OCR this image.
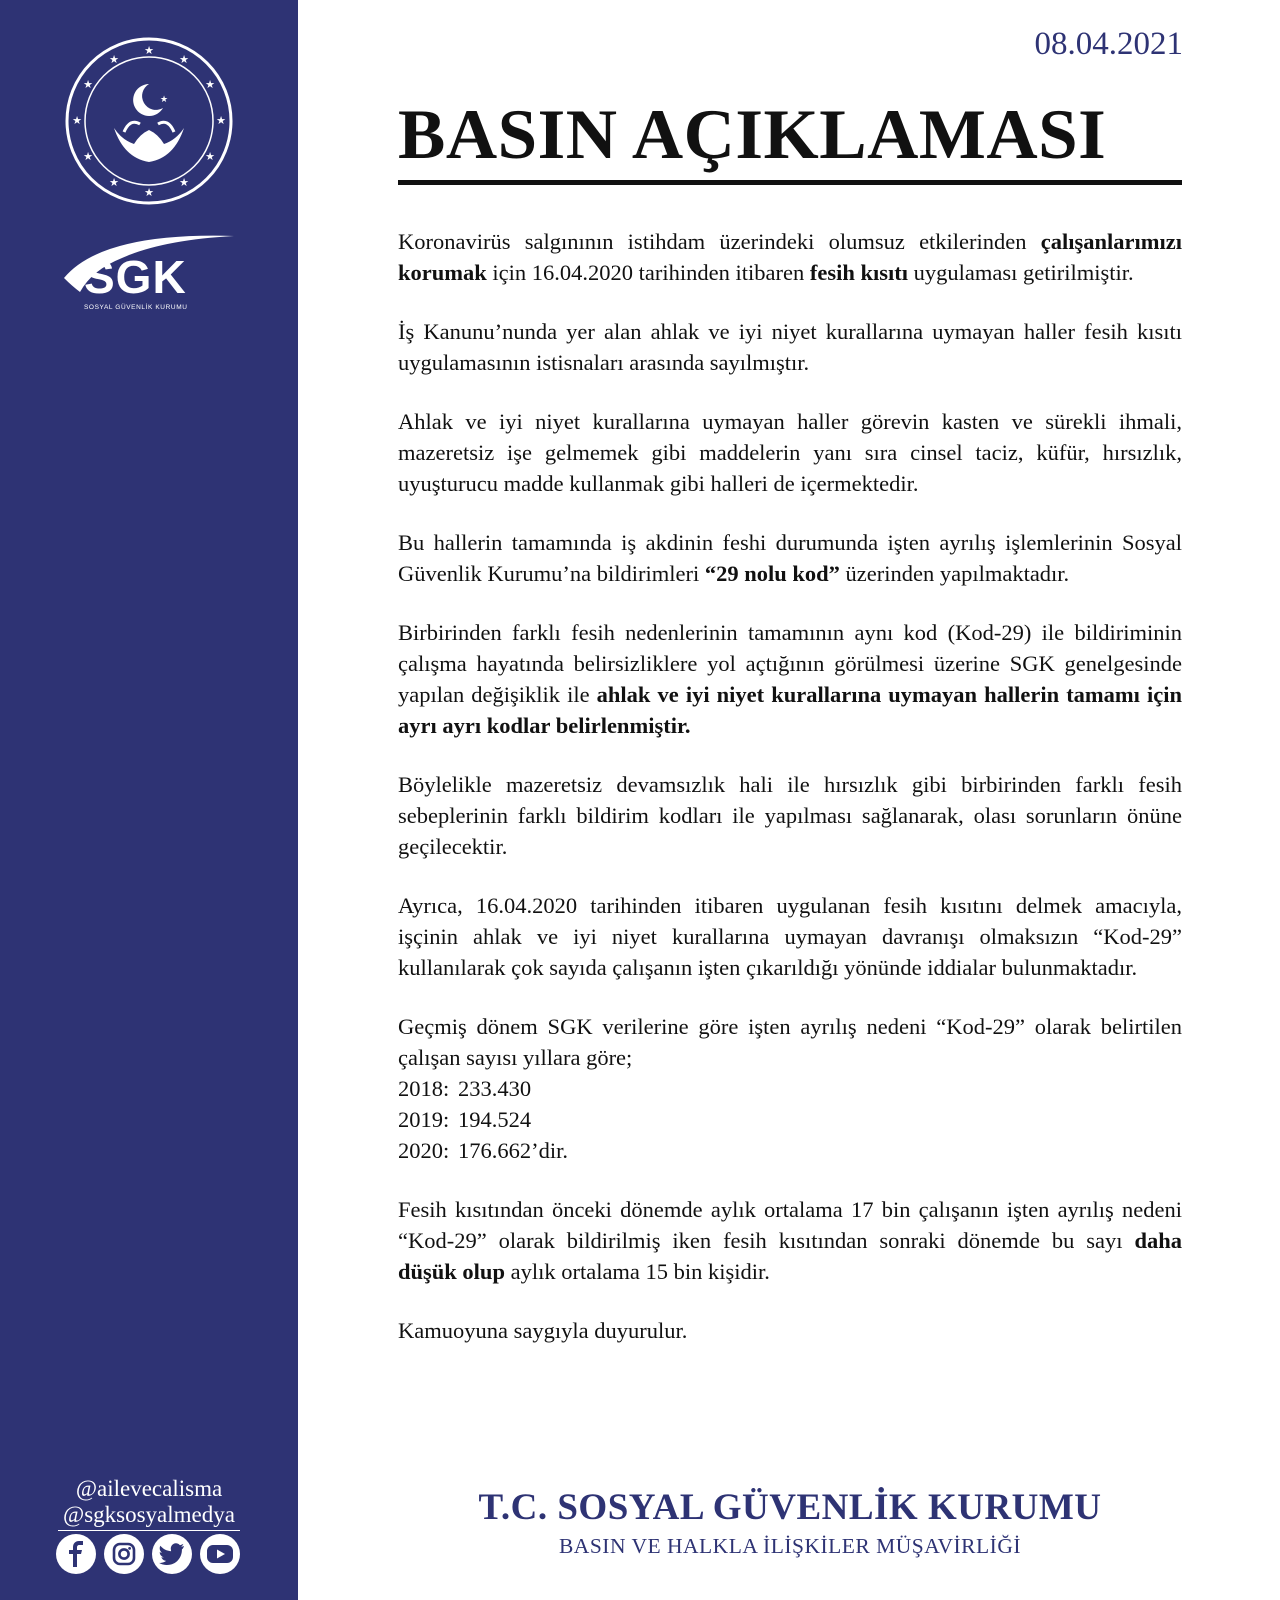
★
★
★
★
★
★
★
★
★
★
★
★
★
SGK
SOSYAL GÜVENLİK KURUMU
@ailevecalisma
@sgksosyalmedya
08.04.2021
BASIN AÇIKLAMASI

Koronavirüs salgınının istihdam üzerindeki olumsuz etkilerinden çalışanlarımızı korumak için 16.04.2020 tarihinden itibaren fesih kısıtı uygulaması getirilmiştir.

İş Kanunu’nunda yer alan ahlak ve iyi niyet kurallarına uymayan haller fesih kısıtı uygulamasının istisnaları arasında sayılmıştır.

Ahlak ve iyi niyet kurallarına uymayan haller görevin kasten ve sürekli ihmali, mazeretsiz işe gelmemek gibi maddelerin yanı sıra cinsel taciz, küfür, hırsızlık, uyuşturucu madde kullanmak gibi halleri de içermektedir.

Bu hallerin tamamında iş akdinin feshi durumunda işten ayrılış işlemlerinin Sosyal Güvenlik Kurumu’na bildirimleri “29 nolu kod” üzerinden yapılmaktadır.

Birbirinden farklı fesih nedenlerinin tamamının aynı kod (Kod-29) ile bildiriminin çalışma hayatında belirsizliklere yol açtığının görülmesi üzerine SGK genelgesinde yapılan değişiklik ile ahlak ve iyi niyet kurallarına uymayan hallerin tamamı için ayrı ayrı kodlar belirlenmiştir.

Böylelikle mazeretsiz devamsızlık hali ile hırsızlık gibi birbirinden farklı fesih sebeplerinin farklı bildirim kodları ile yapılması sağlanarak, olası sorunların önüne geçilecektir.

Ayrıca, 16.04.2020 tarihinden itibaren uygulanan fesih kısıtını delmek amacıyla, işçinin ahlak ve iyi niyet kurallarına uymayan davranışı olmaksızın “Kod-29” kullanılarak çok sayıda çalışanın işten çıkarıldığı yönünde iddialar bulunmaktadır.

Geçmiş dönem SGK verilerine göre işten ayrılış nedeni “Kod-29” olarak belirtilen çalışan sayısı yıllara göre;
2018: 233.430
2019: 194.524
2020: 176.662’dir.

Fesih kısıtından önceki dönemde aylık ortalama 17 bin çalışanın işten ayrılış nedeni “Kod-29” olarak bildirilmiş iken fesih kısıtından sonraki dönemde bu sayı daha düşük olup aylık ortalama 15 bin kişidir.

Kamuoyuna saygıyla duyurulur.

T.C. SOSYAL GÜVENLİK KURUMU
BASIN VE HALKLA İLİŞKİLER MÜŞAVİRLİĞİ
